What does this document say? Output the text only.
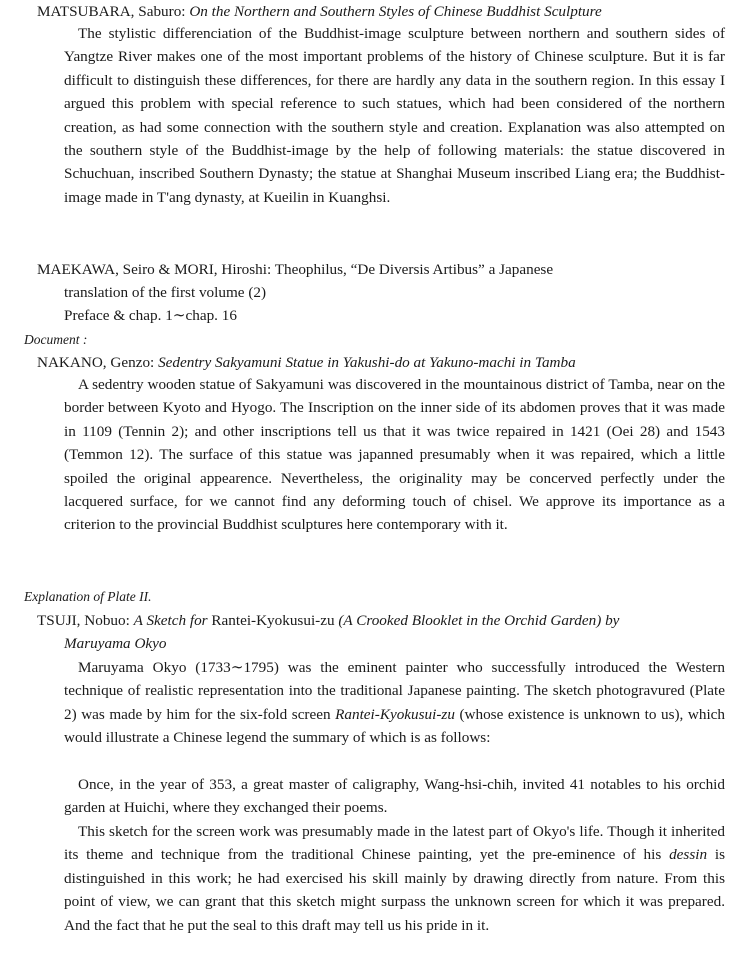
MATSUBARA, Saburo: On the Northern and Southern Styles of Chinese Buddhist Sculpture
The stylistic differenciation of the Buddhist-image sculpture between northern and southern sides of Yangtze River makes one of the most important problems of the history of Chinese sculpture. But it is far difficult to distinguish these differences, for there are hardly any data in the southern region. In this essay I argued this problem with special reference to such statues, which had been considered of the northern creation, as had some connection with the southern style and creation. Explanation was also attempted on the southern style of the Buddhist-image by the help of following materials: the statue discovered in Schuchuan, inscribed Southern Dynasty; the statue at Shanghai Museum inscribed Liang era; the Buddhist-image made in T'ang dynasty, at Kueilin in Kuanghsi.
MAEKAWA, Seiro & MORI, Hiroshi: Theophilus, “De Diversis Artibus” a Japanese
translation of the first volume (2)
Preface & chap. 1∼chap. 16
Document :
NAKANO, Genzo: Sedentry Sakyamuni Statue in Yakushi-do at Yakuno-machi in Tamba
A sedentry wooden statue of Sakyamuni was discovered in the mountainous district of Tamba, near on the border between Kyoto and Hyogo. The Inscription on the inner side of its abdomen proves that it was made in 1109 (Tennin 2); and other inscriptions tell us that it was twice repaired in 1421 (Oei 28) and 1543 (Temmon 12). The surface of this statue was japanned presumably when it was repaired, which a little spoiled the original appearence. Nevertheless, the originality may be concerved perfectly under the lacquered surface, for we cannot find any deforming touch of chisel. We approve its importance as a criterion to the provincial Buddhist sculptures here contemporary with it.
Explanation of Plate II.
TSUJI, Nobuo: A Sketch for Rantei-Kyokusui-zu (A Crooked Blooklet in the Orchid Garden) by
Maruyama Okyo
Maruyama Okyo (1733∼1795) was the eminent painter who successfully introduced the Western technique of realistic representation into the traditional Japanese painting. The sketch photogravured (Plate 2) was made by him for the six-fold screen Rantei-Kyokusui-zu (whose existence is unknown to us), which would illustrate a Chinese legend the summary of which is as follows:
Once, in the year of 353, a great master of caligraphy, Wang-hsi-chih, invited 41 notables to his orchid garden at Huichi, where they exchanged their poems.
This sketch for the screen work was presumably made in the latest part of Okyo's life. Though it inherited its theme and technique from the traditional Chinese painting, yet the pre-eminence of his dessin is distinguished in this work; he had exercised his skill mainly by drawing directly from nature. From this point of view, we can grant that this sketch might surpass the unknown screen for which it was prepared. And the fact that he put the seal to this draft may tell us his pride in it.
